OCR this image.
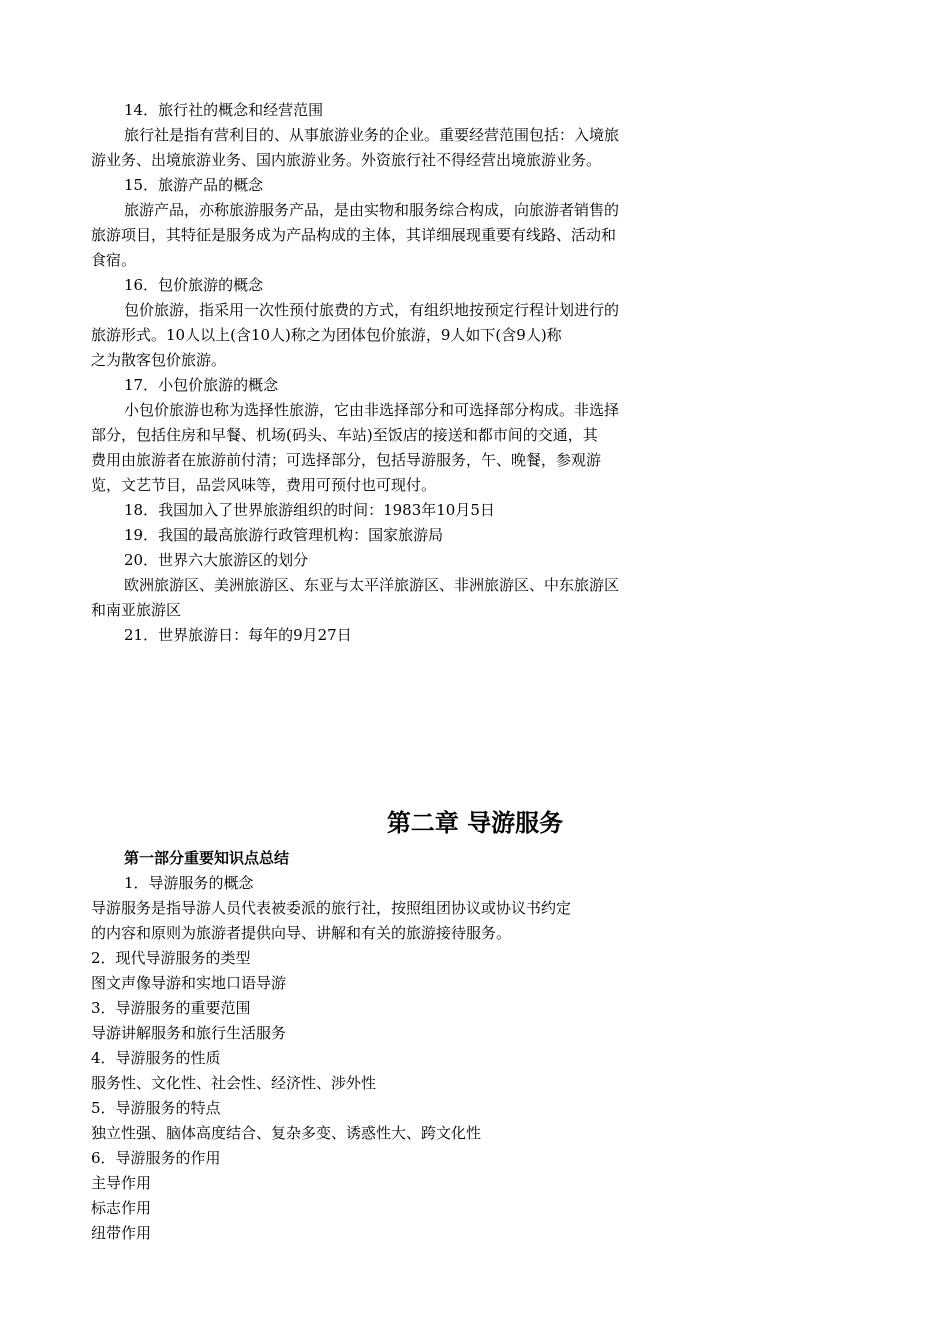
14．旅行社的概念和经营范围
旅行社是指有营利目的、从事旅游业务的企业。重要经营范围包括：入境旅
游业务、出境旅游业务、国内旅游业务。外资旅行社不得经营出境旅游业务。
15．旅游产品的概念
旅游产品，亦称旅游服务产品，是由实物和服务综合构成，向旅游者销售的
旅游项目，其特征是服务成为产品构成的主体，其详细展现重要有线路、活动和
食宿。
16．包价旅游的概念
包价旅游，指采用一次性预付旅费的方式，有组织地按预定行程计划进行的
旅游形式。10人以上(含10人)称之为团体包价旅游，9人如下(含9人)称
之为散客包价旅游。
17．小包价旅游的概念
小包价旅游也称为选择性旅游，它由非选择部分和可选择部分构成。非选择
部分，包括住房和早餐、机场(码头、车站)至饭店的接送和都市间的交通，其
费用由旅游者在旅游前付清；可选择部分，包括导游服务，午、晚餐，参观游
览，文艺节目，品尝风味等，费用可预付也可现付。
18．我国加入了世界旅游组织的时间：1983年10月5日
19．我国的最高旅游行政管理机构：国家旅游局
20．世界六大旅游区的划分
欧洲旅游区、美洲旅游区、东亚与太平洋旅游区、非洲旅游区、中东旅游区
和南亚旅游区
21．世界旅游日：每年的9月27日
第二章 导游服务
第一部分重要知识点总结
1．导游服务的概念
导游服务是指导游人员代表被委派的旅行社，按照组团协议或协议书约定
的内容和原则为旅游者提供向导、讲解和有关的旅游接待服务。
2．现代导游服务的类型
图文声像导游和实地口语导游
3．导游服务的重要范围
导游讲解服务和旅行生活服务
4．导游服务的性质
服务性、文化性、社会性、经济性、涉外性
5．导游服务的特点
独立性强、脑体高度结合、复杂多变、诱惑性大、跨文化性
6．导游服务的作用
主导作用
标志作用
纽带作用
